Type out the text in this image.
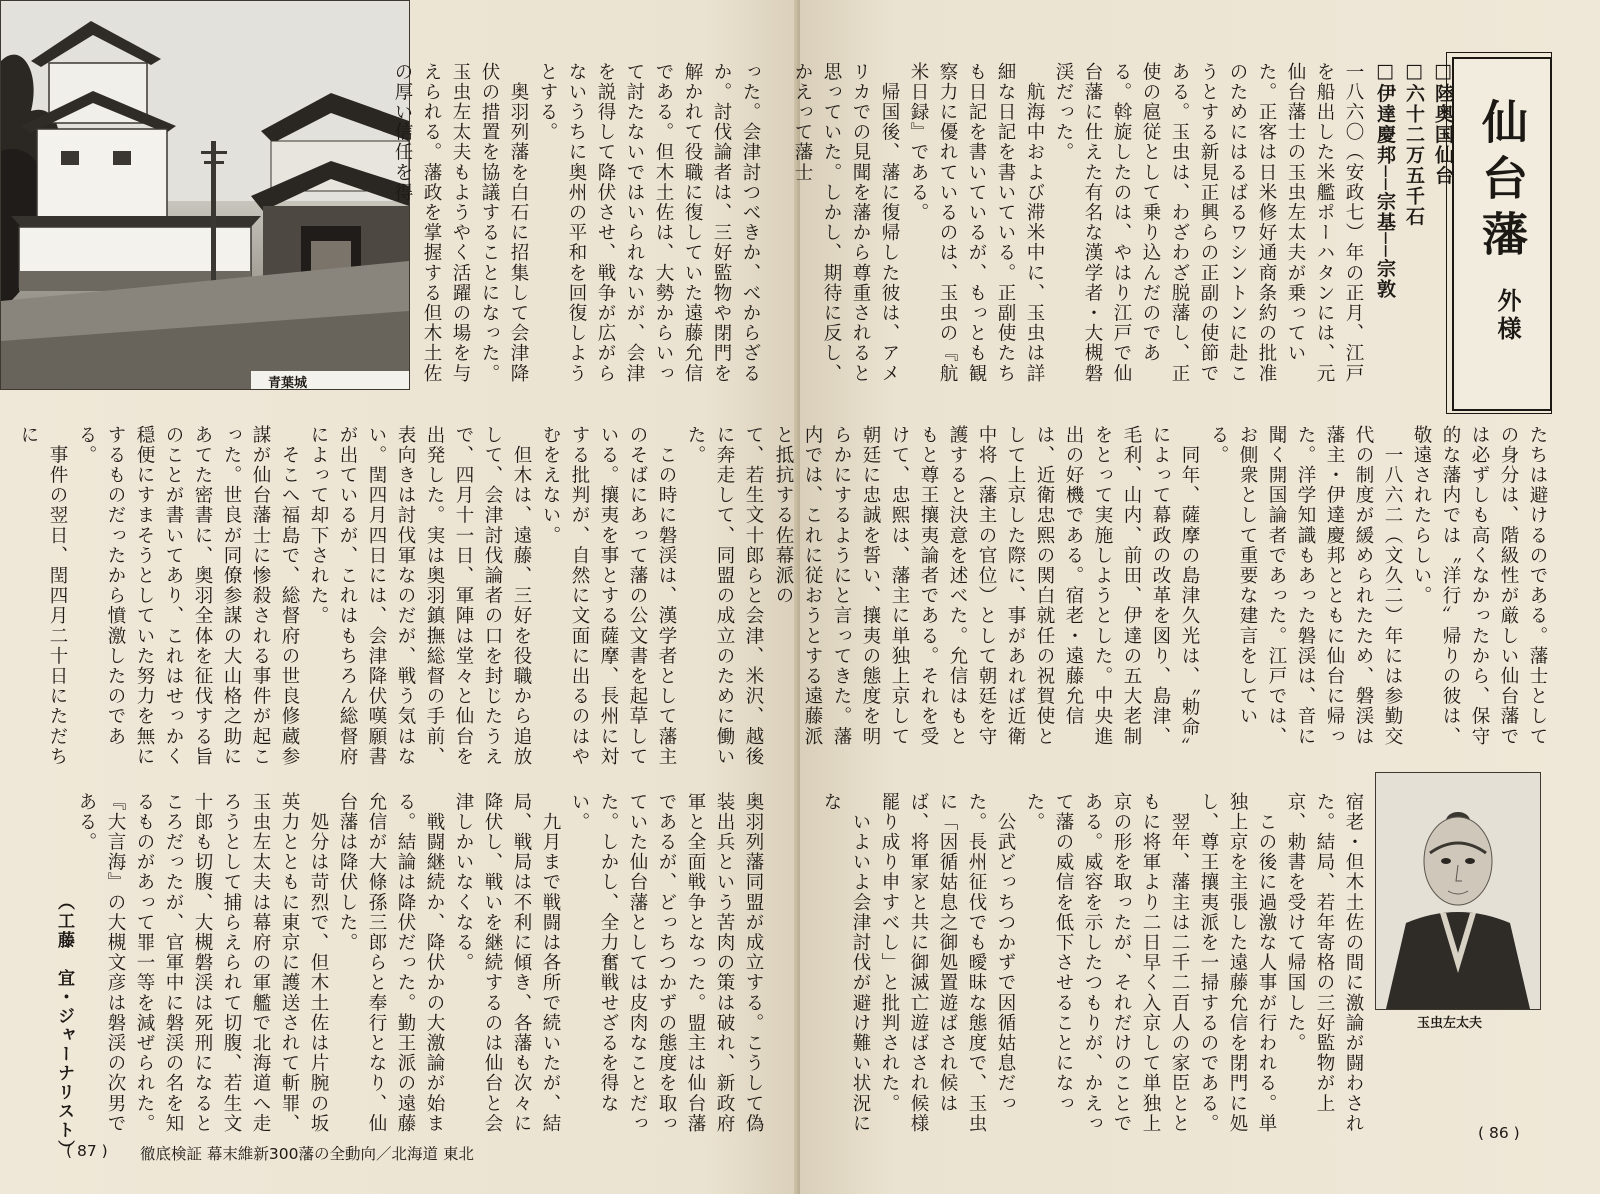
青葉城	った。会津討つべきか、べからざるか。討伐論者は、三好監物や閉門を解かれて役職に復していた遠藤允信である。但木土佐は、大勢からいって討たないではいられないが、会津を説得して降伏させ、戦争が広がらないうちに奥州の平和を回復しようとする。
　奥羽列藩を白石に招集して会津降伏の措置を協議することになった。玉虫左太夫もようやく活躍の場を与えられる。藩政を掌握する但木土佐の厚い信任を得
て、若生文十郎らと会津、米沢、越後に奔走して、同盟の成立のために働いた。
　この時に磐渓は、漢学者として藩主のそばにあって藩の公文書を起草している。攘夷を事とする薩摩、長州に対する批判が、自然に文面に出るのはやむをえない。
　但木は、遠藤、三好を役職から追放して、会津討伐論者の口を封じたうえで、四月十一日、軍陣は堂々と仙台を出発した。実は奥羽鎮撫総督の手前、表向きは討伐軍なのだが、戦う気はない。閏四月四日には、会津降伏嘆願書が出ているが、これはもちろん総督府によって却下された。
　そこへ福島で、総督府の世良修蔵参謀が仙台藩士に惨殺される事件が起こった。世良が同僚参謀の大山格之助にあてた密書に、奥羽全体を征伐する旨のことが書いてあり、これはせっかく穏便にすまそうとしていた努力を無にするものだったから憤激したのである。
　事件の翌日、閏四月二十日にただちに
奥羽列藩同盟が成立する。こうして偽装出兵という苦肉の策は破れ、新政府軍と全面戦争となった。盟主は仙台藩であるが、どっちつかずの態度を取っていた仙台藩としては皮肉なことだった。しかし、全力奮戦せざるを得ない。
　九月まで戦闘は各所で続いたが、結局、戦局は不利に傾き、各藩も次々に降伏し、戦いを継続するのは仙台と会津しかいなくなる。
　戦闘継続か、降伏かの大激論が始まる。結論は降伏だった。勤王派の遠藤允信が大條孫三郎らと奉行となり、仙台藩は降伏した。
　処分は苛烈で、但木土佐は片腕の坂英力とともに東京に護送されて斬罪、玉虫左太夫は幕府の軍艦で北海道へ走ろうとして捕らえられて切腹、若生文十郎も切腹、大槻磐渓は死刑になるところだったが、官軍中に磐渓の名を知るものがあって罪一等を減ぜられた。『大言海』の大槻文彦は磐渓の次男である。
（工藤　宜・ジャーナリスト）
( 87 ) 徹底検証 幕末維新300藩の全動向／北海道 東北
仙台藩
外様
□陸奥国仙台
□六十二万五千石
□伊達慶邦──宗基──宗敦
一八六〇（安政七）年の正月、江戸を船出した米艦ポーハタンには、元仙台藩士の玉虫左太夫が乗っていた。正客は日米修好通商条約の批准のためにはるばるワシントンに赴こうとする新見正興らの正副の使節である。玉虫は、わざわざ脱藩し、正使の扈従として乗り込んだのである。斡旋したのは、やはり江戸で仙台藩に仕えた有名な漢学者・大槻磐渓だった。
　航海中および滞米中に、玉虫は詳細な日記を書いている。正副使たちも日記を書いているが、もっとも観察力に優れているのは、玉虫の『航米日録』である。
　帰国後、藩に復帰した彼は、アメリカでの見聞を藩から尊重されると思っていた。しかし、期待に反し、かえって藩士
たちは避けるのである。藩士としての身分は、階級性が厳しい仙台藩では必ずしも高くなかったから、保守的な藩内では〝洋行〟帰りの彼は、敬遠されたらしい。
　一八六二（文久二）年には参勤交代の制度が緩められたため、磐渓は藩主・伊達慶邦とともに仙台に帰った。洋学知識もあった磐渓は、音に聞く開国論者であった。江戸では、お側衆として重要な建言をしている。
　同年、薩摩の島津久光は、〝勅命〟によって幕政の改革を図り、島津、毛利、山内、前田、伊達の五大老制をとって実施しようとした。中央進出の好機である。宿老・遠藤允信は、近衛忠熙の関白就任の祝賀使として上京した際に、事があれば近衛中将（藩主の官位）として朝廷を守護すると決意を述べた。允信はもともと尊王攘夷論者である。それを受けて、忠熙は、藩主に単独上京して朝廷に忠誠を誓い、攘夷の態度を明らかにするようにと言ってきた。藩内では、これに従おうとする遠藤派と抵抗する佐幕派の
宿老・但木土佐の間に激論が闘わされた。結局、若年寄格の三好監物が上京、勅書を受けて帰国した。
　この後に過激な人事が行われる。単独上京を主張した遠藤允信を閉門に処し、尊王攘夷派を一掃するのである。
　翌年、藩主は二千二百人の家臣とともに将軍より二日早く入京して単独上京の形を取ったが、それだけのことである。威容を示したつもりが、かえって藩の威信を低下させることになった。
　公武どっちつかずで因循姑息だった。長州征伐でも曖昧な態度で、玉虫に「因循姑息之御処置遊ばされ候はば、将軍家と共に御滅亡遊ばされ候様罷り成り申すべし」と批判された。
　いよいよ会津討伐が避け難い状況にな
玉虫左太夫
( 86 )
